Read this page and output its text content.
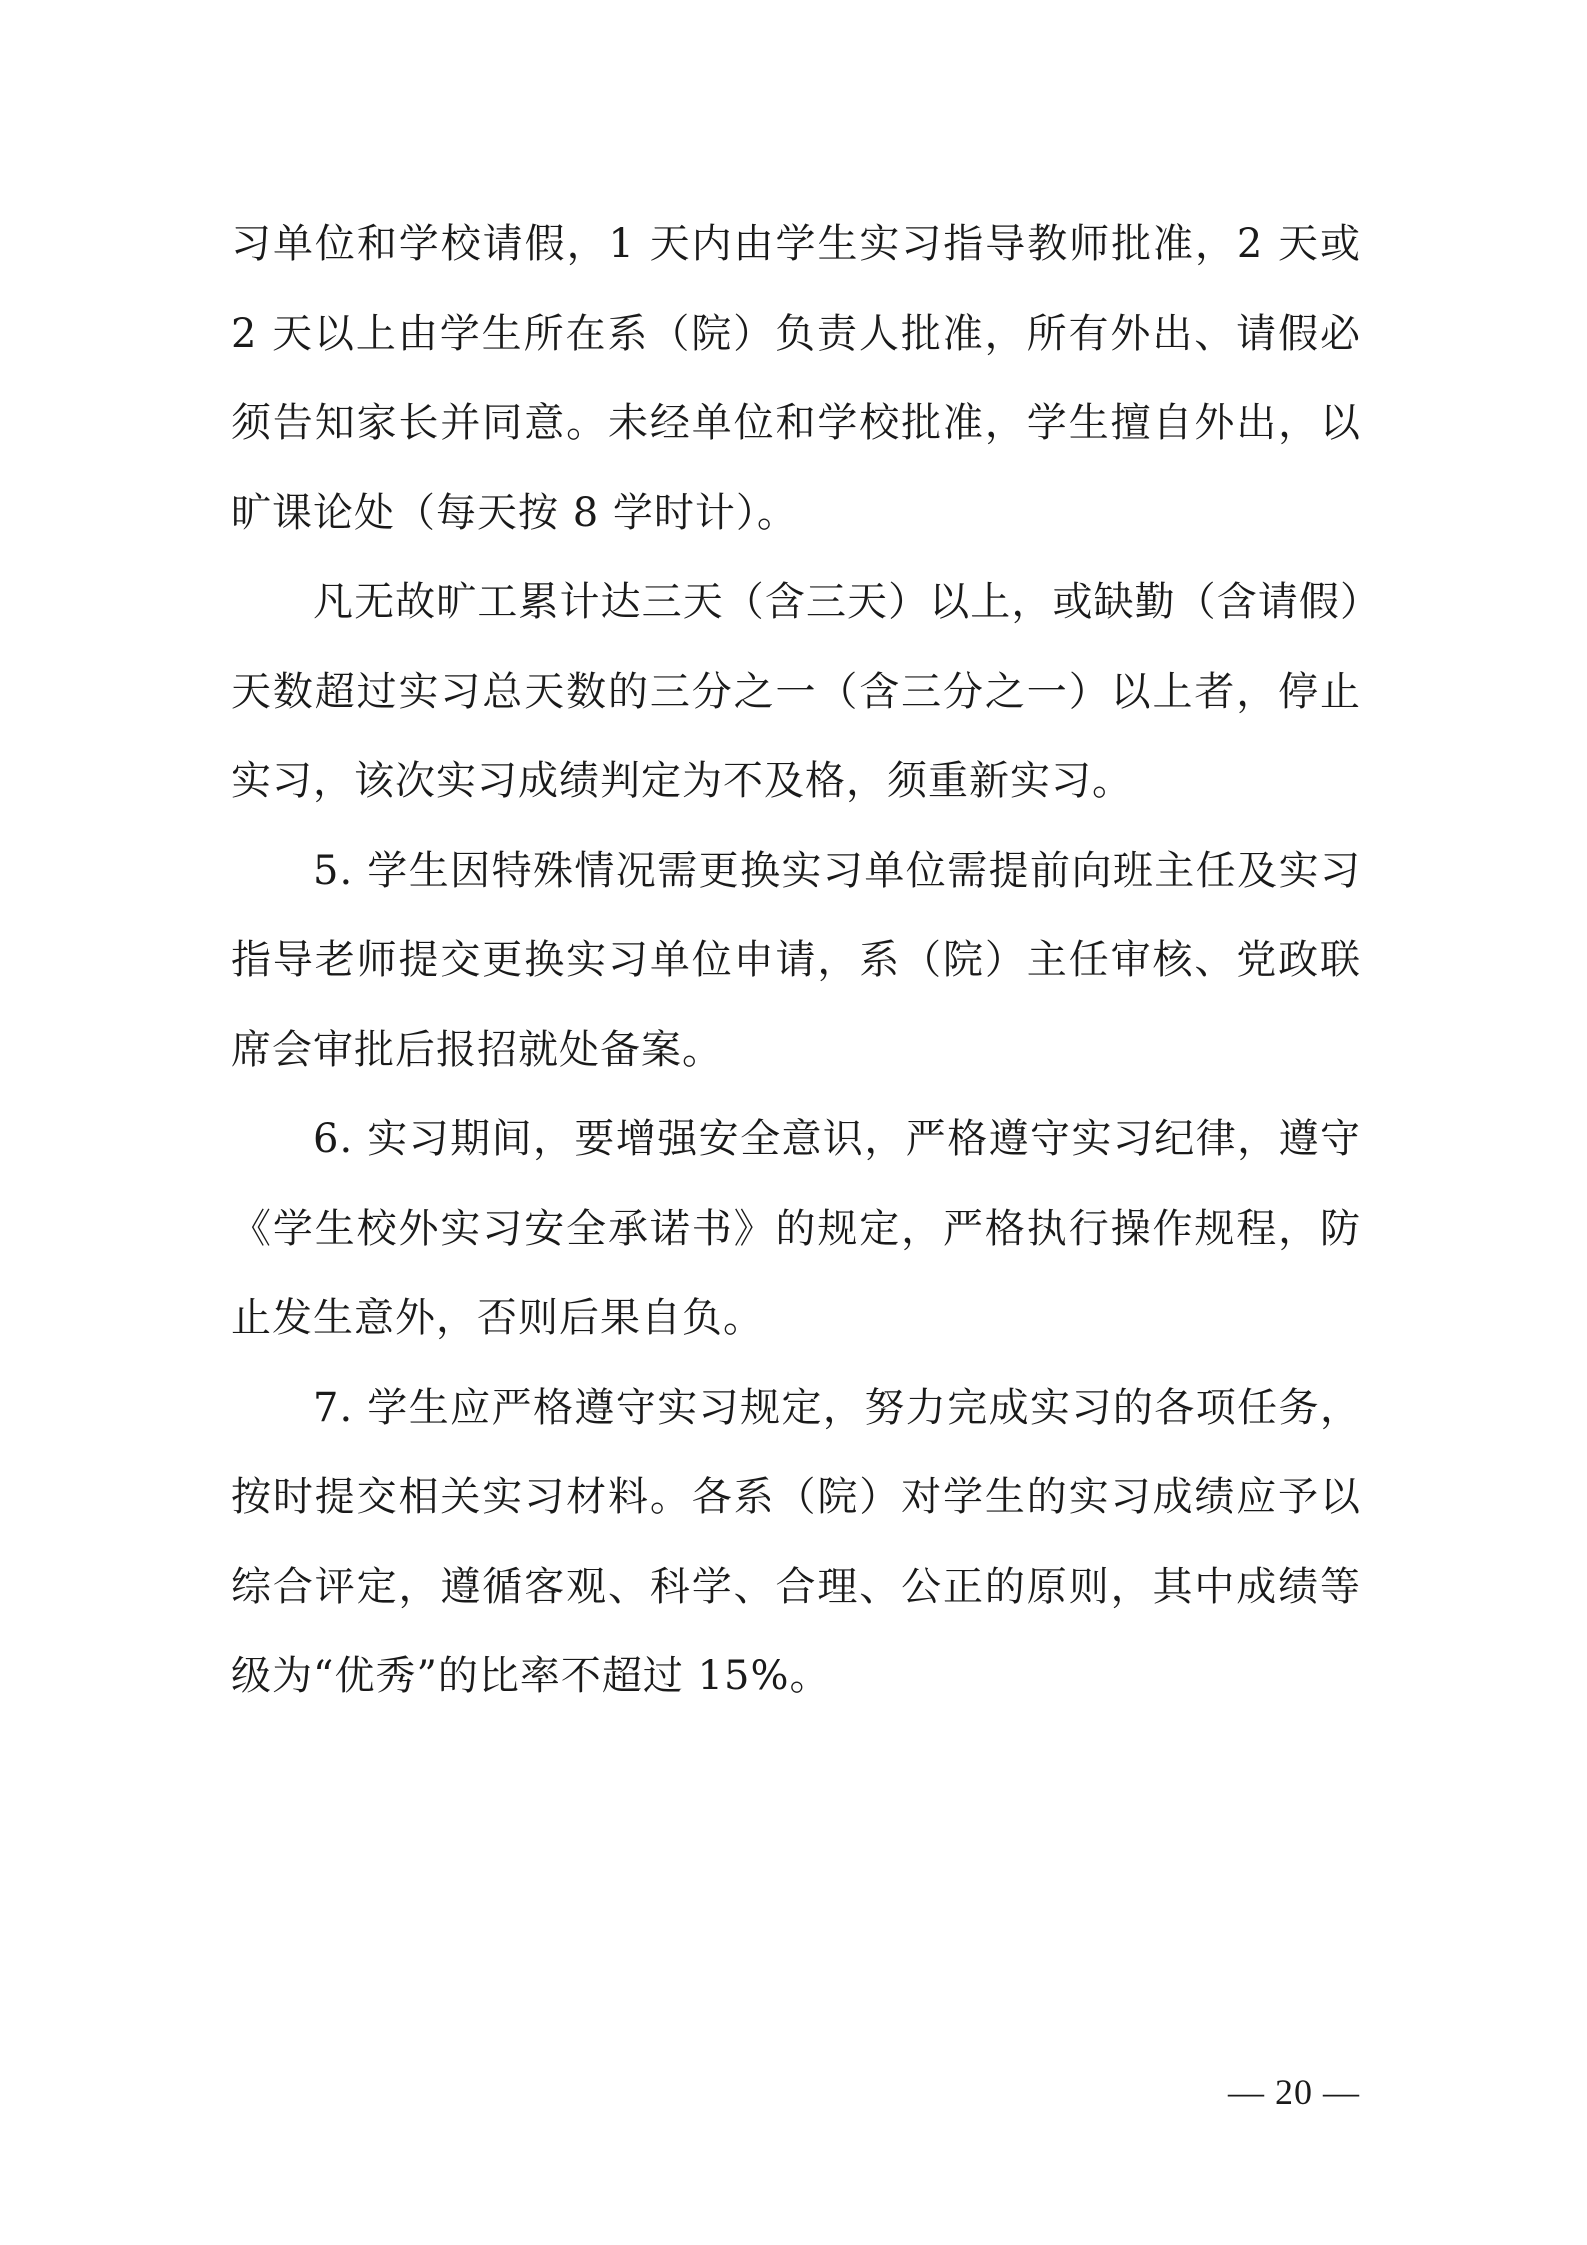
习单位和学校请假，1 天内由学生实习指导教师批准，2 天或 2 天以上由学生所在系（院）负责人批准，所有外出、请假必须告知家长并同意。未经单位和学校批准，学生擅自外出，以旷课论处（每天按 8 学时计）。

凡无故旷工累计达三天（含三天）以上，或缺勤（含请假）天数超过实习总天数的三分之一（含三分之一）以上者，停止实习，该次实习成绩判定为不及格，须重新实习。

5. 学生因特殊情况需更换实习单位需提前向班主任及实习指导老师提交更换实习单位申请，系（院）主任审核、党政联席会审批后报招就处备案。

6. 实习期间，要增强安全意识，严格遵守实习纪律，遵守《学生校外实习安全承诺书》的规定，严格执行操作规程，防止发生意外，否则后果自负。

7. 学生应严格遵守实习规定，努力完成实习的各项任务，按时提交相关实习材料。各系（院）对学生的实习成绩应予以综合评定，遵循客观、科学、合理、公正的原则，其中成绩等级为“优秀”的比率不超过 15%。

— 20 —
